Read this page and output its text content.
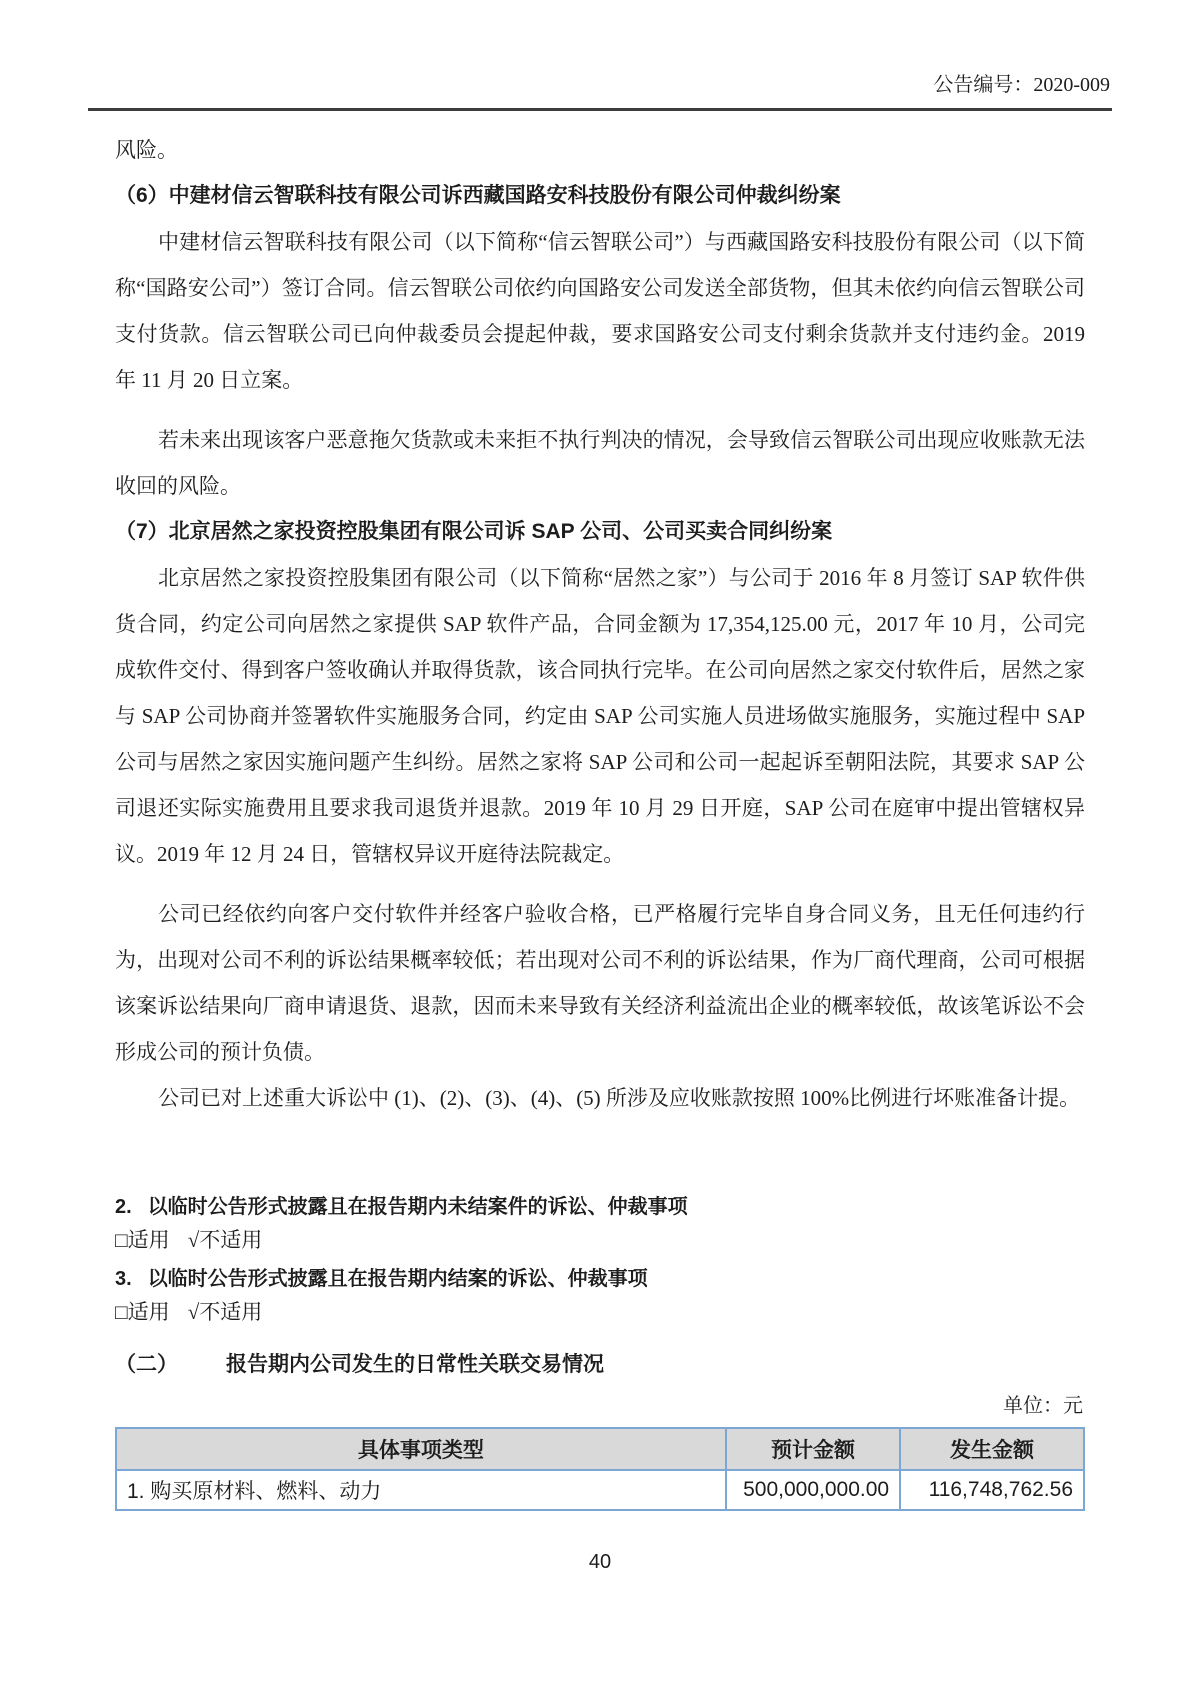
公告编号：2020-009

风险。

（6）中建材信云智联科技有限公司诉西藏国路安科技股份有限公司仲裁纠纷案

中建材信云智联科技有限公司（以下简称“信云智联公司”）与西藏国路安科技股份有限公司（以下简称“国路安公司”）签订合同。信云智联公司依约向国路安公司发送全部货物，但其未依约向信云智联公司支付货款。信云智联公司已向仲裁委员会提起仲裁，要求国路安公司支付剩余货款并支付违约金。2019 年 11 月 20 日立案。

若未来出现该客户恶意拖欠货款或未来拒不执行判决的情况，会导致信云智联公司出现应收账款无法收回的风险。

（7）北京居然之家投资控股集团有限公司诉 SAP 公司、公司买卖合同纠纷案

北京居然之家投资控股集团有限公司（以下简称“居然之家”）与公司于 2016 年 8 月签订 SAP 软件供货合同，约定公司向居然之家提供 SAP 软件产品，合同金额为 17,354,125.00 元，2017 年 10 月，公司完成软件交付、得到客户签收确认并取得货款，该合同执行完毕。在公司向居然之家交付软件后，居然之家与 SAP 公司协商并签署软件实施服务合同，约定由 SAP 公司实施人员进场做实施服务，实施过程中 SAP 公司与居然之家因实施问题产生纠纷。居然之家将 SAP 公司和公司一起起诉至朝阳法院，其要求 SAP 公司退还实际实施费用且要求我司退货并退款。2019 年 10 月 29 日开庭，SAP 公司在庭审中提出管辖权异议。2019 年 12 月 24 日，管辖权异议开庭待法院裁定。

公司已经依约向客户交付软件并经客户验收合格，已严格履行完毕自身合同义务，且无任何违约行为，出现对公司不利的诉讼结果概率较低；若出现对公司不利的诉讼结果，作为厂商代理商，公司可根据该案诉讼结果向厂商申请退货、退款，因而未来导致有关经济利益流出企业的概率较低，故该笔诉讼不会形成公司的预计负债。

公司已对上述重大诉讼中 (1)、(2)、(3)、(4)、(5) 所涉及应收账款按照 100%比例进行坏账准备计提。

2. 以临时公告形式披露且在报告期内未结案件的诉讼、仲裁事项
□适用 √不适用
3. 以临时公告形式披露且在报告期内结案的诉讼、仲裁事项
□适用 √不适用
（二） 报告期内公司发生的日常性关联交易情况
单位：元
具体事项类型	预计金额	发生金额
1. 购买原材料、燃料、动力	500,000,000.00	116,748,762.56
40
